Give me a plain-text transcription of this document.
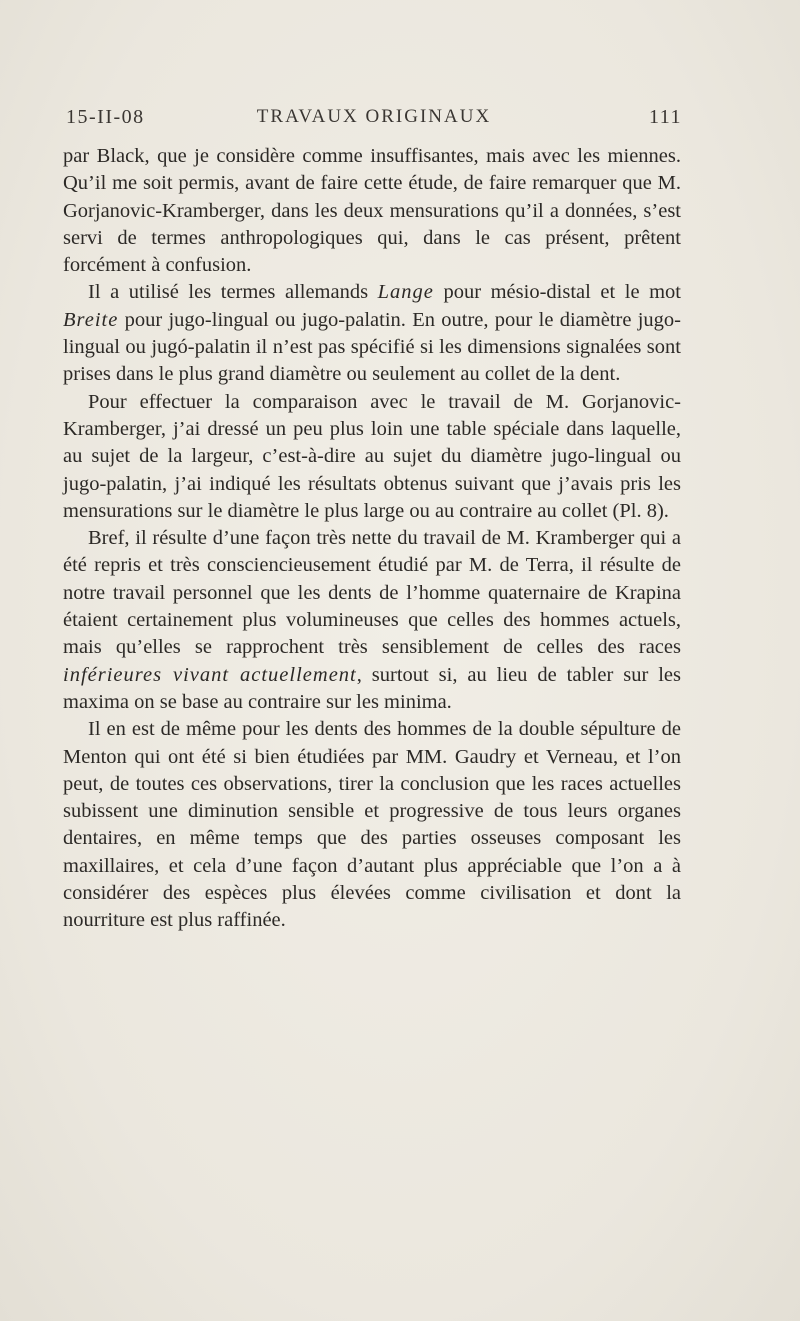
15-II-08	TRAVAUX ORIGINAUX	111

par Black, que je considère comme insuffisantes, mais avec les miennes. Qu’il me soit permis, avant de faire cette étude, de faire remarquer que M. Gorjanovic-Kramberger, dans les deux mensurations qu’il a données, s’est servi de termes anthropologiques qui, dans le cas présent, prêtent forcément à confusion.

Il a utilisé les termes allemands Lange pour mésio-distal et le mot Breite pour jugo-lingual ou jugo-palatin. En outre, pour le diamètre jugo-lingual ou jugó-palatin il n’est pas spécifié si les dimensions signalées sont prises dans le plus grand diamètre ou seulement au collet de la dent.

Pour effectuer la comparaison avec le travail de M. Gorjanovic-Kramberger, j’ai dressé un peu plus loin une table spéciale dans laquelle, au sujet de la largeur, c’est-à-dire au sujet du diamètre jugo-lingual ou jugo-palatin, j’ai indiqué les résultats obtenus suivant que j’avais pris les mensurations sur le diamètre le plus large ou au contraire au collet (Pl. 8).

Bref, il résulte d’une façon très nette du travail de M. Kramberger qui a été repris et très consciencieusement étudié par M. de Terra, il résulte de notre travail personnel que les dents de l’homme quaternaire de Krapina étaient certainement plus volumineuses que celles des hommes actuels, mais qu’elles se rapprochent très sensiblement de celles des races inférieures vivant actuellement, surtout si, au lieu de tabler sur les maxima on se base au contraire sur les minima.

Il en est de même pour les dents des hommes de la double sépulture de Menton qui ont été si bien étudiées par MM. Gaudry et Verneau, et l’on peut, de toutes ces observations, tirer la conclusion que les races actuelles subissent une diminution sensible et progressive de tous leurs organes dentaires, en même temps que des parties osseuses composant les maxillaires, et cela d’une façon d’autant plus appréciable que l’on a à considérer des espèces plus élevées comme civilisation et dont la nourriture est plus raffinée.
